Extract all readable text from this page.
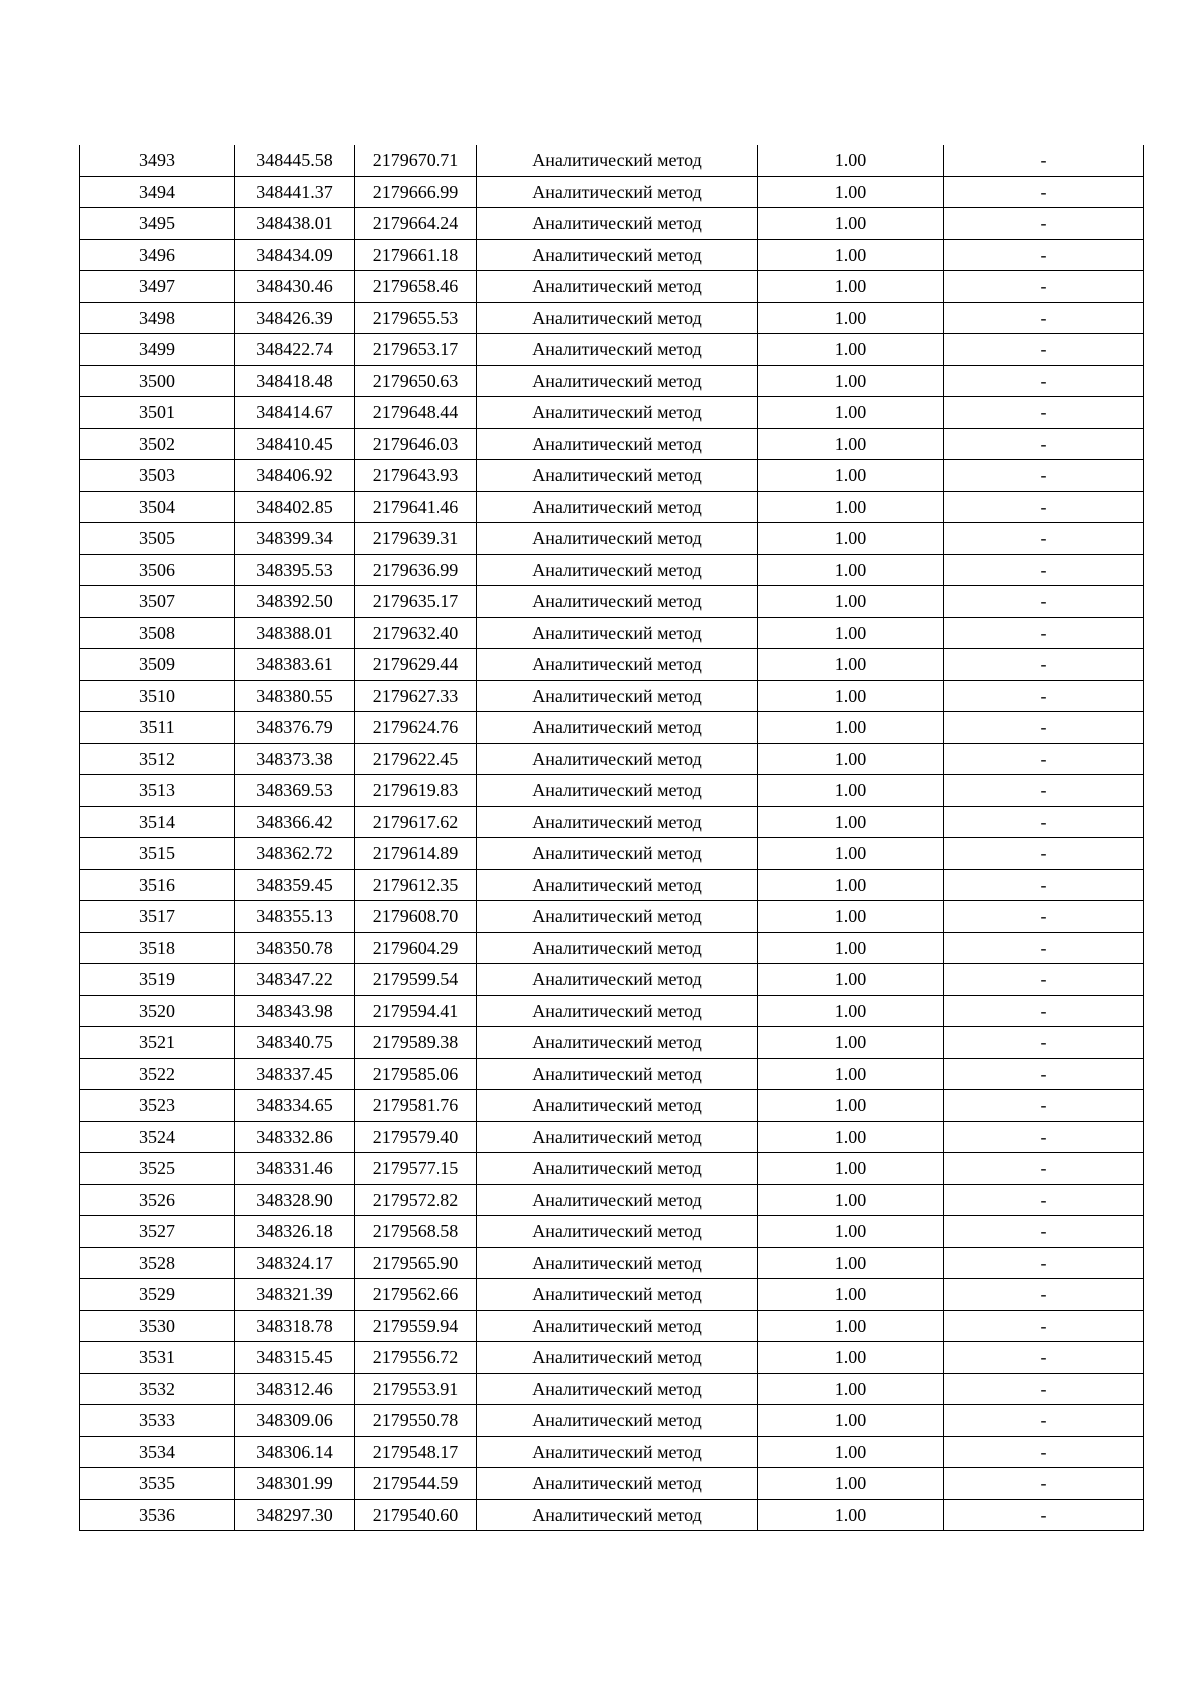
3493	348445.58	2179670.71	Аналитический метод	1.00	-
3494	348441.37	2179666.99	Аналитический метод	1.00	-
3495	348438.01	2179664.24	Аналитический метод	1.00	-
3496	348434.09	2179661.18	Аналитический метод	1.00	-
3497	348430.46	2179658.46	Аналитический метод	1.00	-
3498	348426.39	2179655.53	Аналитический метод	1.00	-
3499	348422.74	2179653.17	Аналитический метод	1.00	-
3500	348418.48	2179650.63	Аналитический метод	1.00	-
3501	348414.67	2179648.44	Аналитический метод	1.00	-
3502	348410.45	2179646.03	Аналитический метод	1.00	-
3503	348406.92	2179643.93	Аналитический метод	1.00	-
3504	348402.85	2179641.46	Аналитический метод	1.00	-
3505	348399.34	2179639.31	Аналитический метод	1.00	-
3506	348395.53	2179636.99	Аналитический метод	1.00	-
3507	348392.50	2179635.17	Аналитический метод	1.00	-
3508	348388.01	2179632.40	Аналитический метод	1.00	-
3509	348383.61	2179629.44	Аналитический метод	1.00	-
3510	348380.55	2179627.33	Аналитический метод	1.00	-
3511	348376.79	2179624.76	Аналитический метод	1.00	-
3512	348373.38	2179622.45	Аналитический метод	1.00	-
3513	348369.53	2179619.83	Аналитический метод	1.00	-
3514	348366.42	2179617.62	Аналитический метод	1.00	-
3515	348362.72	2179614.89	Аналитический метод	1.00	-
3516	348359.45	2179612.35	Аналитический метод	1.00	-
3517	348355.13	2179608.70	Аналитический метод	1.00	-
3518	348350.78	2179604.29	Аналитический метод	1.00	-
3519	348347.22	2179599.54	Аналитический метод	1.00	-
3520	348343.98	2179594.41	Аналитический метод	1.00	-
3521	348340.75	2179589.38	Аналитический метод	1.00	-
3522	348337.45	2179585.06	Аналитический метод	1.00	-
3523	348334.65	2179581.76	Аналитический метод	1.00	-
3524	348332.86	2179579.40	Аналитический метод	1.00	-
3525	348331.46	2179577.15	Аналитический метод	1.00	-
3526	348328.90	2179572.82	Аналитический метод	1.00	-
3527	348326.18	2179568.58	Аналитический метод	1.00	-
3528	348324.17	2179565.90	Аналитический метод	1.00	-
3529	348321.39	2179562.66	Аналитический метод	1.00	-
3530	348318.78	2179559.94	Аналитический метод	1.00	-
3531	348315.45	2179556.72	Аналитический метод	1.00	-
3532	348312.46	2179553.91	Аналитический метод	1.00	-
3533	348309.06	2179550.78	Аналитический метод	1.00	-
3534	348306.14	2179548.17	Аналитический метод	1.00	-
3535	348301.99	2179544.59	Аналитический метод	1.00	-
3536	348297.30	2179540.60	Аналитический метод	1.00	-
